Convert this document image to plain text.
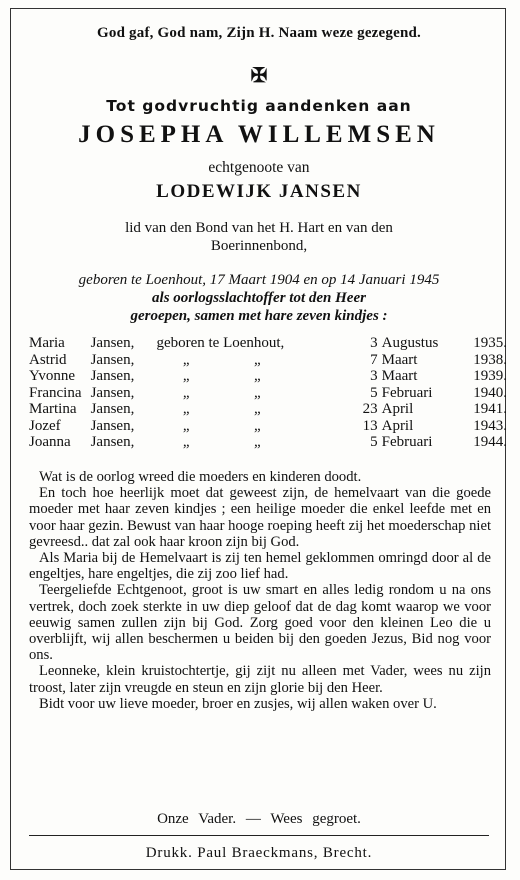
God gaf, God nam, Zijn H. Naam weze gezegend.
✠
Tot godvruchtig aandenken aan
JOSEPHA WILLEMSEN
echtgenoote van
LODEWIJK JANSEN
lid van den Bond van het H. Hart en van den
Boerinnenbond,
geboren te Loenhout, 17 Maart 1904 en op 14 Januari 1945
als oorlogsslachtoffer tot den Heer
geroepen, samen met hare zeven kindjes :
Maria	Jansen,	geboren te Loenhout,		3	Augustus	1935.
Astrid	Jansen,	„	„	7	Maart	1938.
Yvonne	Jansen,	„	„	3	Maart	1939.
Francina	Jansen,	„	„	5	Februari	1940.
Martina	Jansen,	„	„	23	April	1941.
Jozef	Jansen,	„	„	13	April	1943.
Joanna	Jansen,	„	„	5	Februari	1944.

Wat is de oorlog wreed die moeders en kinderen doodt.

En toch hoe heerlijk moet dat geweest zijn, de hemelvaart van die goede moeder met haar zeven kindjes ; een heilige moeder die enkel leefde met en voor haar gezin. Bewust van haar hooge roeping heeft zij het moederschap niet gevreesd.. dat zal ook haar kroon zijn bij God.

Als Maria bij de Hemelvaart is zij ten hemel geklommen omringd door al de engeltjes, hare engeltjes, die zij zoo lief had.

Teergeliefde Echtgenoot, groot is uw smart en alles ledig rondom u na ons vertrek, doch zoek sterkte in uw diep geloof dat de dag komt waarop we voor eeuwig samen zullen zijn bij God. Zorg goed voor den kleinen Leo die u overblijft, wij allen beschermen u beiden bij den goeden Jezus, Bid nog voor ons.

Leonneke, klein kruistochtertje, gij zijt nu alleen met Vader, wees nu zijn troost, later zijn vreugde en steun en zijn glorie bij den Heer.

Bidt voor uw lieve moeder, broer en zusjes, wij allen waken over U.

Onze Vader. — Wees gegroet.
Drukk. Paul Braeckmans, Brecht.
